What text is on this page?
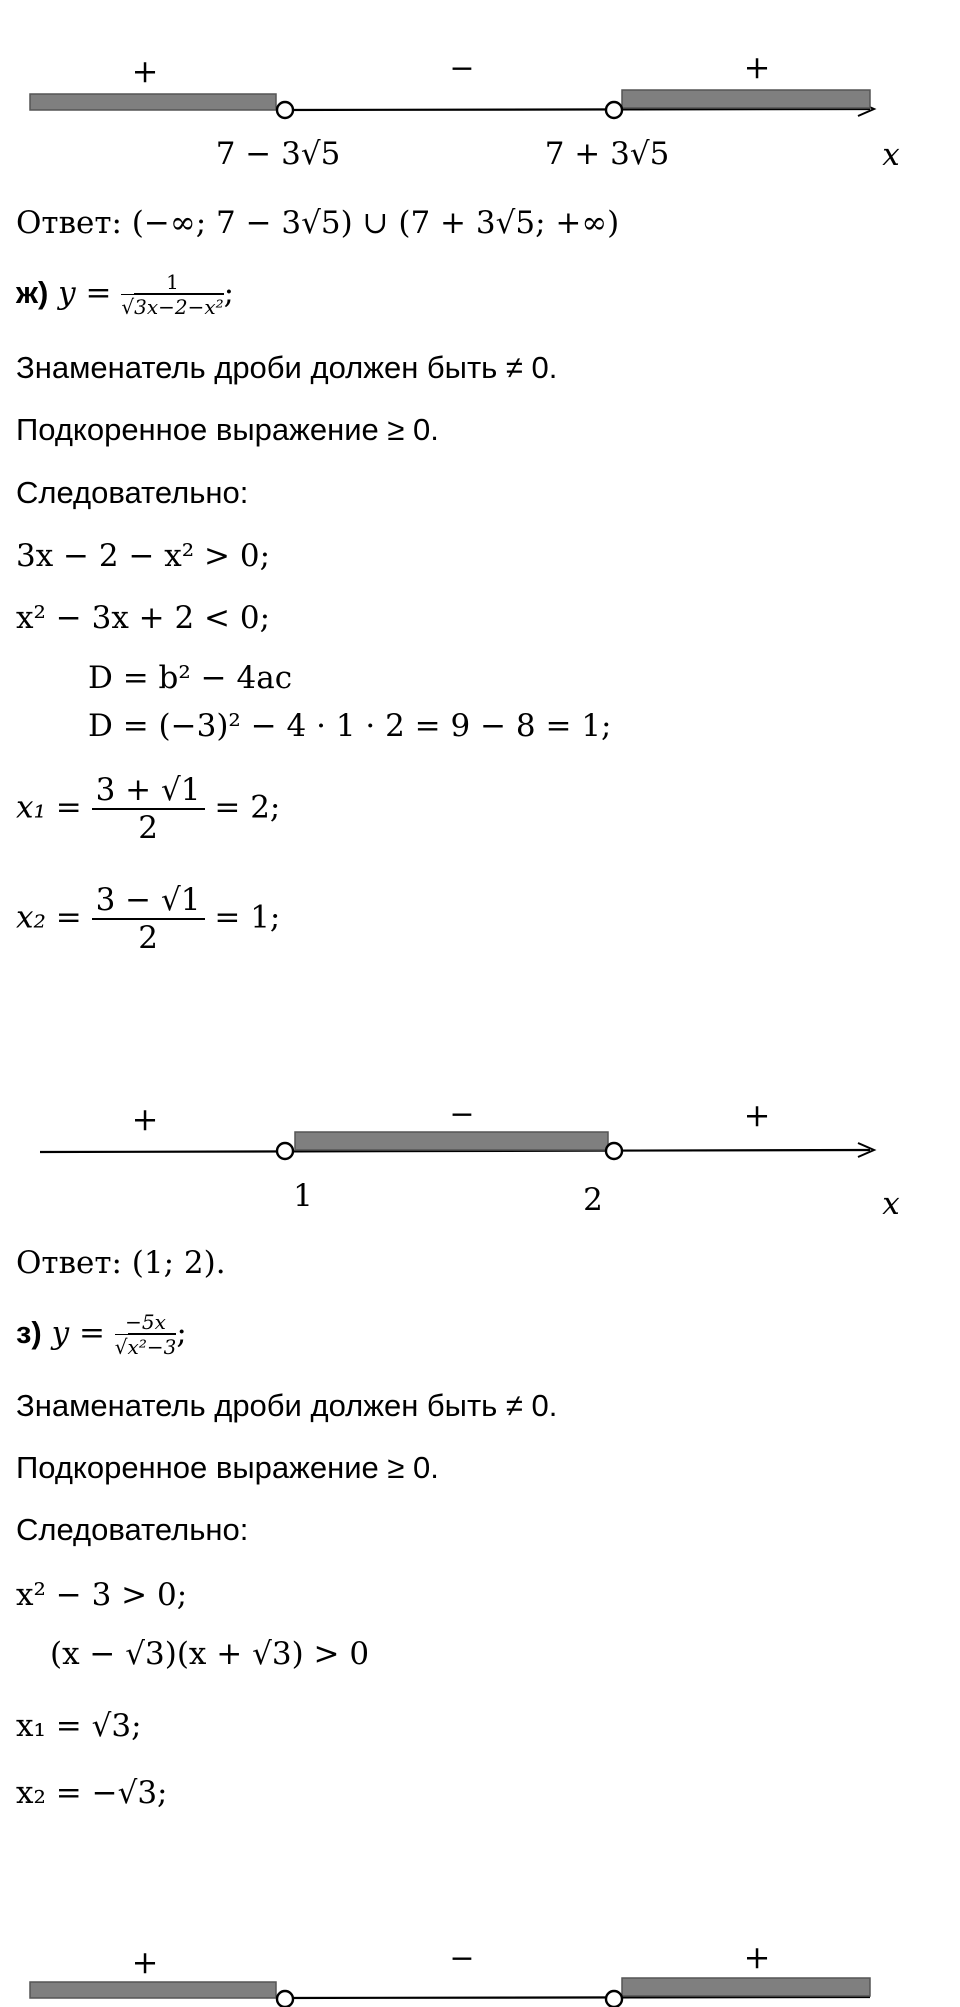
+	−	+
7 − 3√5	7 + 3√5	x
Ответ: (−∞; 7 − 3√5) ∪ (7 + 3√5; +∞)
ж) $y = \frac{1}{\text{√3x−2−x²}}$ ;
Знаменатель дроби должен быть ≠ 0.
Подкоренное выражение ≥ 0.
Следовательно:
3x − 2 − x² > 0;
x² − 3x + 2 < 0;
D = b² − 4ac
D = (−3)² − 4 · 1 · 2 = 9 − 8 = 1;
$x_1 = \frac{3 + √1}{2} = 2$;
$x_2 = \frac{3 - √1}{2} = 1$;
+	−	+
1	2	x
Ответ: (1; 2).
з) $y = \frac{-5x}{\text{√x²−3}}$ ;
Знаменатель дроби должен быть ≠ 0.
Подкоренное выражение ≥ 0.
Следовательно:
x² − 3 > 0;
(x − √3)(x + √3) > 0
x₁ = √3;
x₂ = −√3;
+	−	+
